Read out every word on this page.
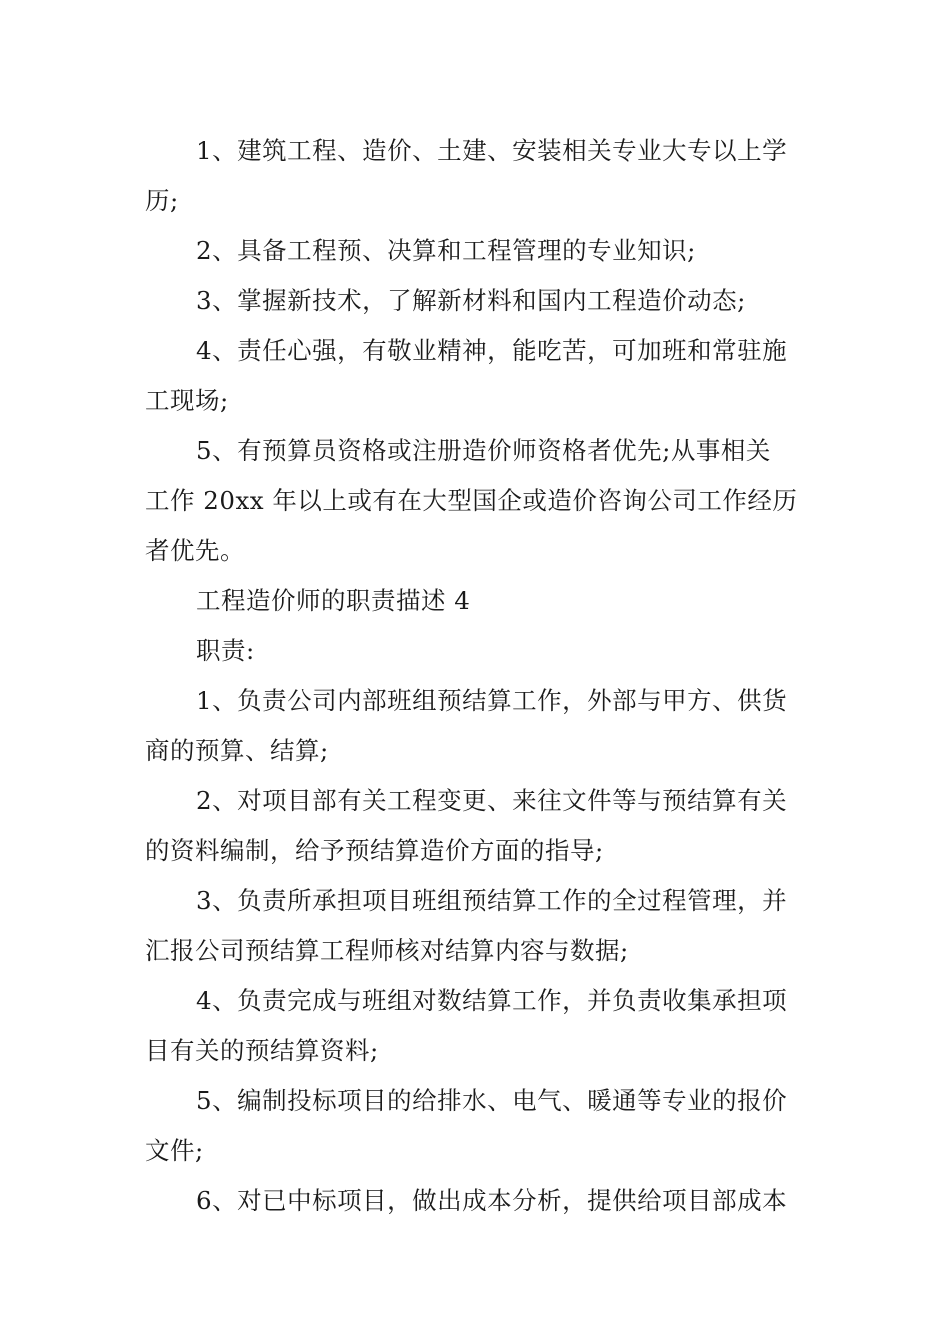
1、建筑工程、造价、土建、安装相关专业大专以上学
历;
2、具备工程预、决算和工程管理的专业知识;
3、掌握新技术，了解新材料和国内工程造价动态;
4、责任心强，有敬业精神，能吃苦，可加班和常驻施
工现场;
5、有预算员资格或注册造价师资格者优先;从事相关
工作 20xx 年以上或有在大型国企或造价咨询公司工作经历
者优先。
工程造价师的职责描述 4
职责:
1、负责公司内部班组预结算工作，外部与甲方、供货
商的预算、结算;
2、对项目部有关工程变更、来往文件等与预结算有关
的资料编制，给予预结算造价方面的指导;
3、负责所承担项目班组预结算工作的全过程管理，并
汇报公司预结算工程师核对结算内容与数据;
4、负责完成与班组对数结算工作，并负责收集承担项
目有关的预结算资料;
5、编制投标项目的给排水、电气、暖通等专业的报价
文件;
6、对已中标项目，做出成本分析，提供给项目部成本
